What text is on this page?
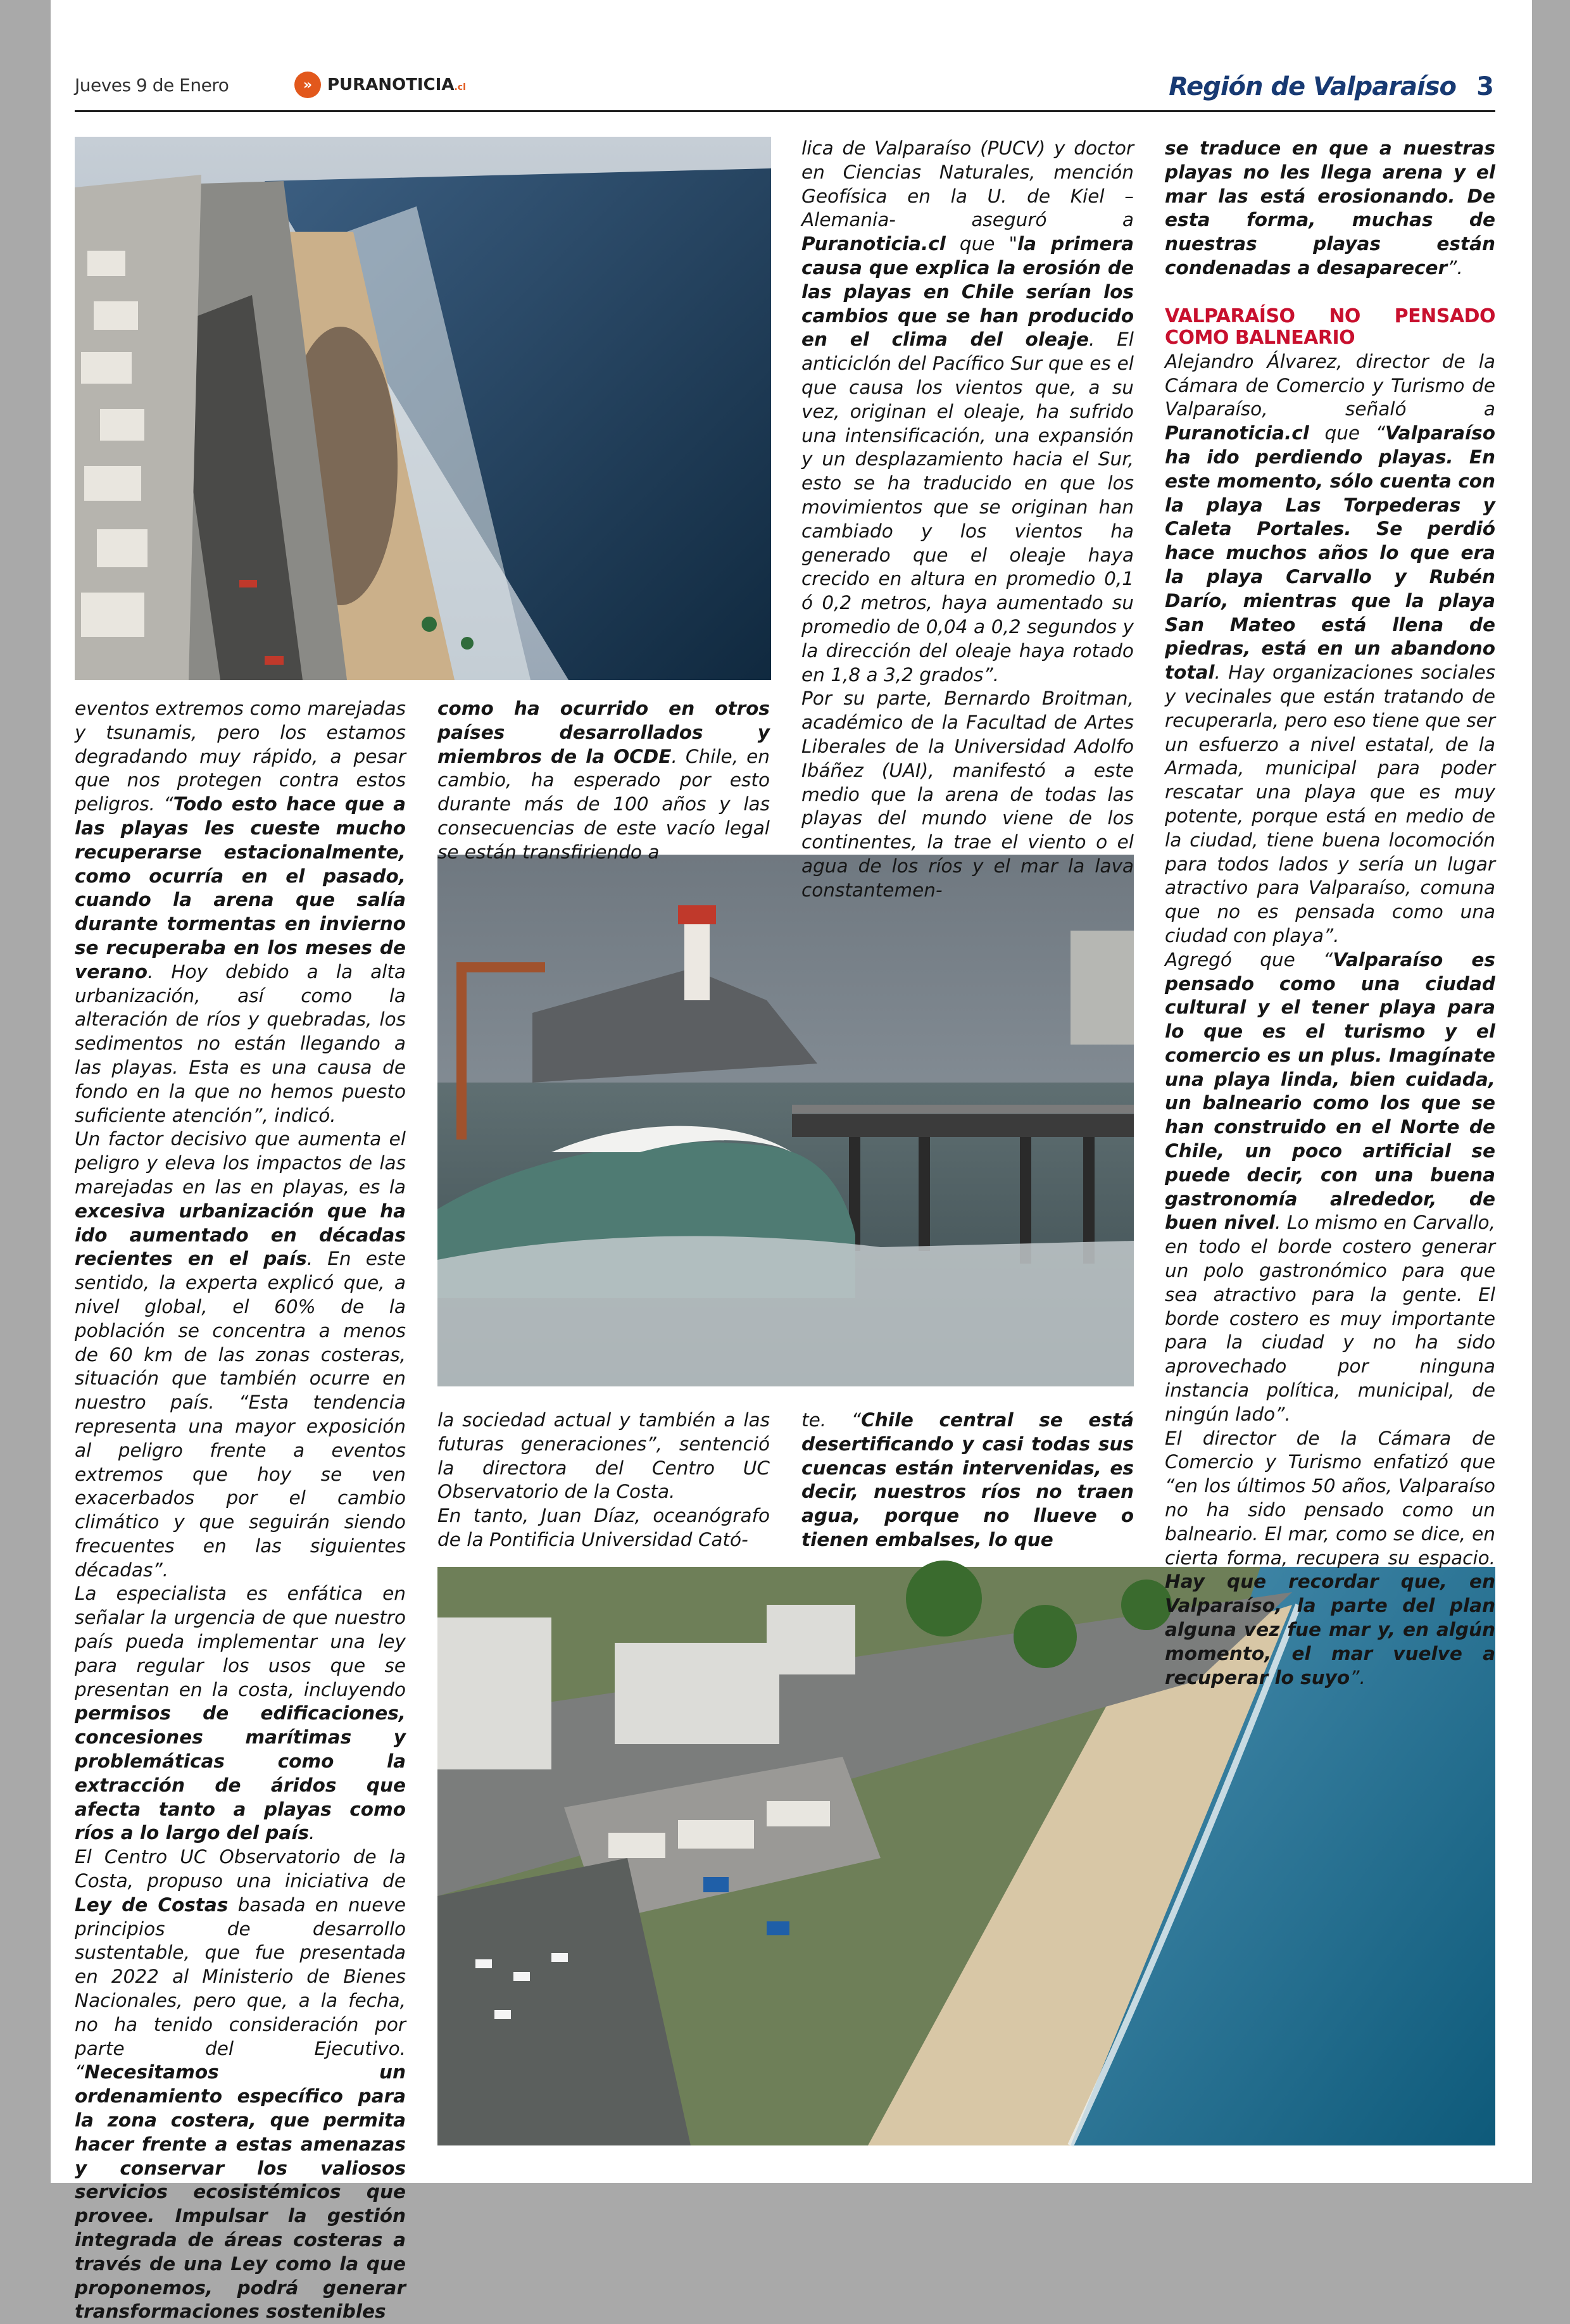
Jueves 9 de Enero	» PURANOTICIA.cl	Región de Valparaíso 3

eventos extremos como marejadas y tsunamis, pero los estamos degradando muy rápido, a pesar que nos protegen contra estos peligros. “Todo esto hace que a las playas les cueste mucho recuperarse estacionalmente, como ocurría en el pasado, cuando la arena que salía durante tormentas en invierno se recuperaba en los meses de verano. Hoy debido a la alta urbanización, así como la alteración de ríos y quebradas, los sedimentos no están llegando a las playas. Esta es una causa de fondo en la que no hemos puesto suficiente atención”, indicó.

Un factor decisivo que aumenta el peligro y eleva los impactos de las marejadas en las en playas, es la excesiva urbanización que ha ido aumentado en décadas recientes en el país. En este sentido, la experta explicó que, a nivel global, el 60% de la población se concentra a menos de 60 km de las zonas costeras, situación que también ocurre en nuestro país. “Esta tendencia representa una mayor exposición al peligro frente a eventos extremos que hoy se ven exacerbados por el cambio climático y que seguirán siendo frecuentes en las siguientes décadas”.

La especialista es enfática en señalar la urgencia de que nuestro país pueda implementar una ley para regular los usos que se presentan en la costa, incluyendo permisos de edificaciones, concesiones marítimas y problemáticas como la extracción de áridos que afecta tanto a playas como ríos a lo largo del país.

El Centro UC Observatorio de la Costa, propuso una iniciativa de Ley de Costas basada en nueve principios de desarrollo sustentable, que fue presentada en 2022 al Ministerio de Bienes Nacionales, pero que, a la fecha, no ha tenido consideración por parte del Ejecutivo. “Necesitamos un ordenamiento específico para la zona costera, que permita hacer frente a estas amenazas y conservar los valiosos servicios ecosistémicos que provee. Impulsar la gestión integrada de áreas costeras a través de una Ley como la que proponemos, podrá generar transformaciones sostenibles

como ha ocurrido en otros países desarrollados y miembros de la OCDE. Chile, en cambio, ha esperado por esto durante más de 100 años y las consecuencias de este vacío legal se están transfiriendo a

la sociedad actual y también a las futuras generaciones”, sentenció la directora del Centro UC Observatorio de la Costa.

En tanto, Juan Díaz, oceanógrafo de la Pontificia Universidad Cató-

lica de Valparaíso (PUCV) y doctor en Ciencias Naturales, mención Geofísica en la U. de Kiel –Alemania- aseguró a Puranoticia.cl que "la primera causa que explica la erosión de las playas en Chile serían los cambios que se han producido en el clima del oleaje. El anticiclón del Pacífico Sur que es el que causa los vientos que, a su vez, originan el oleaje, ha sufrido una intensificación, una expansión y un desplazamiento hacia el Sur, esto se ha traducido en que los movimientos que se originan han cambiado y los vientos ha generado que el oleaje haya crecido en altura en promedio 0,1 ó 0,2 metros, haya aumentado su promedio de 0,04 a 0,2 segundos y la dirección del oleaje haya rotado en 1,8 a 3,2 grados”.

Por su parte, Bernardo Broitman, académico de la Facultad de Artes Liberales de la Universidad Adolfo Ibáñez (UAI), manifestó a este medio que la arena de todas las playas del mundo viene de los continentes, la trae el viento o el agua de los ríos y el mar la lava constantemen-

te. “Chile central se está desertificando y casi todas sus cuencas están intervenidas, es decir, nuestros ríos no traen agua, porque no llueve o tienen embalses, lo que

se traduce en que a nuestras playas no les llega arena y el mar las está erosionando. De esta forma, muchas de nuestras playas están condenadas a desaparecer”.

VALPARAÍSO NO PENSADO COMO BALNEARIO

Alejandro Álvarez, director de la Cámara de Comercio y Turismo de Valparaíso, señaló a Puranoticia.cl que “Valparaíso ha ido perdiendo playas. En este momento, sólo cuenta con la playa Las Torpederas y Caleta Portales. Se perdió hace muchos años lo que era la playa Carvallo y Rubén Darío, mientras que la playa San Mateo está llena de piedras, está en un abandono total. Hay organizaciones sociales y vecinales que están tratando de recuperarla, pero eso tiene que ser un esfuerzo a nivel estatal, de la Armada, municipal para poder rescatar una playa que es muy potente, porque está en medio de la ciudad, tiene buena locomoción para todos lados y sería un lugar atractivo para Valparaíso, comuna que no es pensada como una ciudad con playa”.

Agregó que “Valparaíso es pensado como una ciudad cultural y el tener playa para lo que es el turismo y el comercio es un plus. Imagínate una playa linda, bien cuidada, un balneario como los que se han construido en el Norte de Chile, un poco artificial se puede decir, con una buena gastronomía alrededor, de buen nivel. Lo mismo en Carvallo, en todo el borde costero generar un polo gastronómico para que sea atractivo para la gente. El borde costero es muy importante para la ciudad y no ha sido aprovechado por ninguna instancia política, municipal, de ningún lado”.

El director de la Cámara de Comercio y Turismo enfatizó que “en los últimos 50 años, Valparaíso no ha sido pensado como un balneario. El mar, como se dice, en cierta forma, recupera su espacio. Hay que recordar que, en Valparaíso, la parte del plan alguna vez fue mar y, en algún momento, el mar vuelve a recuperar lo suyo”.
